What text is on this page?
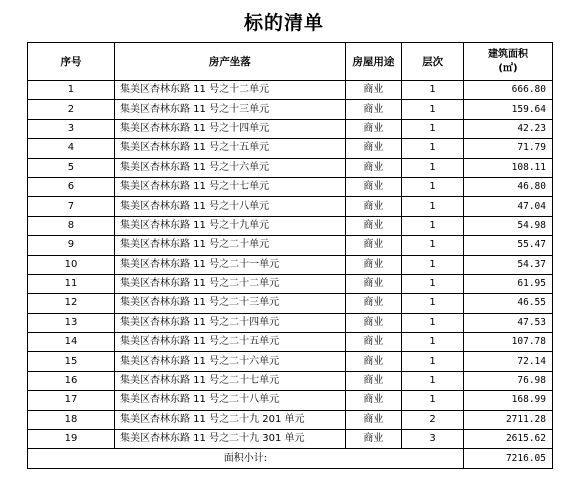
标的清单
序号	房产坐落	房屋用途	层次	建筑面积
(㎡)
1	集美区杏林东路 11 号之十二单元	商业	1	666.80
2	集美区杏林东路 11 号之十三单元	商业	1	159.64
3	集美区杏林东路 11 号之十四单元	商业	1	42.23
4	集美区杏林东路 11 号之十五单元	商业	1	71.79
5	集美区杏林东路 11 号之十六单元	商业	1	108.11
6	集美区杏林东路 11 号之十七单元	商业	1	46.80
7	集美区杏林东路 11 号之十八单元	商业	1	47.04
8	集美区杏林东路 11 号之十九单元	商业	1	54.98
9	集美区杏林东路 11 号之二十单元	商业	1	55.47
10	集美区杏林东路 11 号之二十一单元	商业	1	54.37
11	集美区杏林东路 11 号之二十二单元	商业	1	61.95
12	集美区杏林东路 11 号之二十三单元	商业	1	46.55
13	集美区杏林东路 11 号之二十四单元	商业	1	47.53
14	集美区杏林东路 11 号之二十五单元	商业	1	107.78
15	集美区杏林东路 11 号之二十六单元	商业	1	72.14
16	集美区杏林东路 11 号之二十七单元	商业	1	76.98
17	集美区杏林东路 11 号之二十八单元	商业	1	168.99
18	集美区杏林东路 11 号之二十九 201 单元	商业	2	2711.28
19	集美区杏林东路 11 号之二十九 301 单元	商业	3	2615.62
面积小计:				7216.05
